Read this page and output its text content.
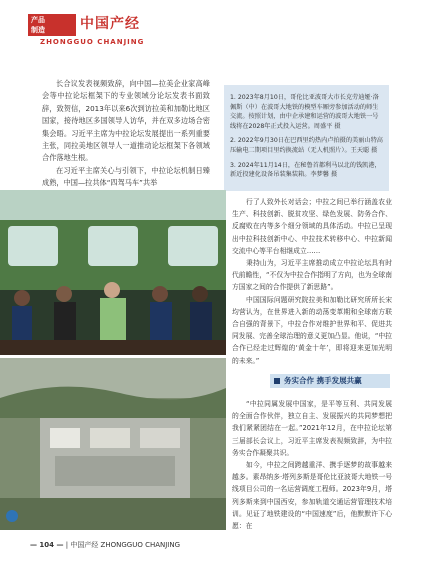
产品
制造	中国产经
ZHONGGUO CHANJING

长合议发表视频致辞，向中国—拉美企业家高峰会等中拉论坛框架下的专业领域分论坛发表书面致辞，致贺信，2013年以来6次到访拉美和加勒比地区国家，接待地区多国领导人访华，并在双多边场合密集会晤。习近平主席为中拉论坛发展提出一系列重要主张，同拉美地区领导人一道推动论坛框架下各领域合作落地生根。

在习近平主席关心与引领下，中拉论坛机制日臻成熟，中国—拉共体“四驾马车”共举

1. 2023年8月10日，哥伦比亚波哥大市长克劳迪娅·洛佩斯（中）在波哥大地铁的模型车厢旁参加活动的师生交流。按照计划，由中企承建和运营的波哥大地铁一号线将在2028年正式投入运营。周盛平 摄

2. 2022年9月30日在巴西里约热内卢拍摄的美丽山特高压输电二期项目里约换流站（无人机照片）。王天聪 摄

3. 2024年11月14日，在秘鲁首都利马以北的钱凯港，新近投建化设备吊装集装箱。李梦馨 摄

行了人致外长对话会；中拉之间已举行涵盖农业生产、科技创新、脱贫攻坚、绿色发展、防务合作、反腐败在内等多个细分领域的具体活动。中拉已呈现出中拉科技创新中心、中拉技术转移中心、中拉新闻交流中心等平台相继成立……

秉持山为，习近平主席推动成立中拉论坛具有时代前瞻性，“不仅为中拉合作指明了方向，也为全球南方国家之间的合作提供了新思路”。

中国国际问题研究院拉美和加勒比研究所所长宋均营认为，在世界进入新的动荡变革期和全球南方联合自强的背景下，中拉合作对维护世界和平、促进共同发展、完善全球治理的意义更加凸显。他说，“中拉合作已经走过辉煌的‘黄金十年’，即将迎来更加光明的未来。”

务实合作 携手发展共赢

“中拉同属发展中国家，是平等互利、共同发展的全面合作伙伴，独立自主、发展振兴的共同梦想把我们紧紧团结在一起。”2021年12月，在中拉论坛第三届部长会议上，习近平主席发表视频致辞，为中拉务实合作凝聚共识。

如今，中拉之间跨越重洋、携手逐梦的故事越来越多。素昂纳多·塔列多斯是哥伦比亚波哥大地铁一号线项目公司的一名运营调度工程师。2023年9月，塔列多斯来到中国西安，参加轨道交通运营管理技术培训。见证了地铁建设的“中国速度”后，他默默许下心愿：在

— 104 — | 中国产经 ZHONGGUO CHANJING
